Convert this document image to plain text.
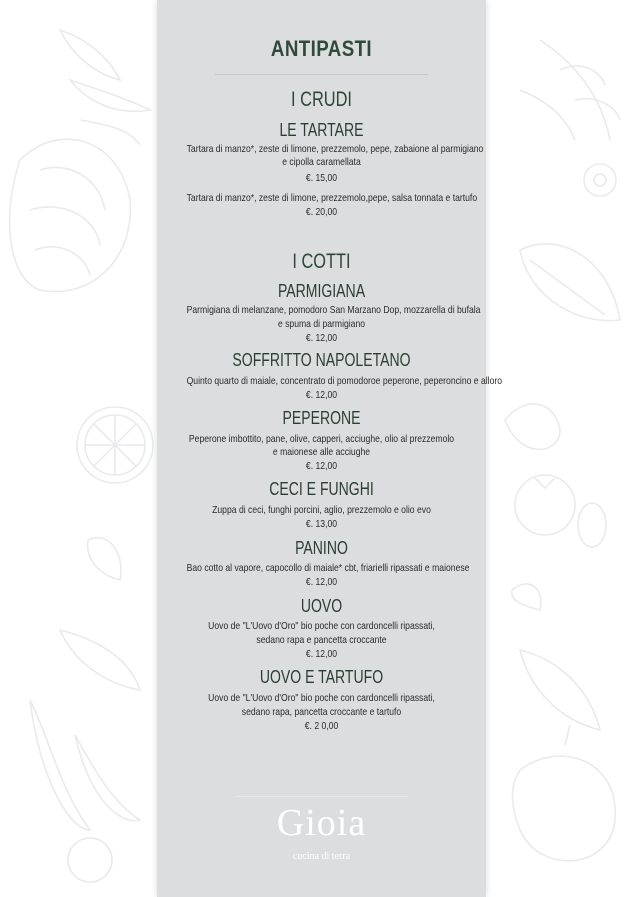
ANTIPASTI
I CRUDI
LE TARTARE
Tartara di manzo*, zeste di limone, prezzemolo, pepe, zabaione al parmigiano
e cipolla caramellata
€. 15,00
Tartara di manzo*, zeste di limone, prezzemolo,pepe, salsa tonnata e tartufo
€. 20,00
I COTTI
PARMIGIANA
Parmigiana di melanzane, pomodoro San Marzano Dop, mozzarella di bufala
e spuma di parmigiano
€. 12,00
SOFFRITTO NAPOLETANO
Quinto quarto di maiale, concentrato di pomodoroe peperone, peperoncino e alloro
€. 12,00
PEPERONE
Peperone imbottito, pane, olive, capperi, acciughe, olio al prezzemolo
e maionese alle acciughe
€. 12,00
CECI E FUNGHI
Zuppa di ceci, funghi porcini, aglio, prezzemolo e olio evo
€. 13,00
PANINO
Bao cotto al vapore, capocollo di maiale* cbt, friarielli ripassati e maionese
€. 12,00
UOVO
Uovo de "L'Uovo d'Oro" bio poche con cardoncelli ripassati,
sedano rapa e pancetta croccante
€. 12,00
UOVO E TARTUFO
Uovo de "L'Uovo d'Oro" bio poche con cardoncelli ripassati,
sedano rapa, pancetta croccante e tartufo
€. 2 0,00
Gioia
cucina di terra
